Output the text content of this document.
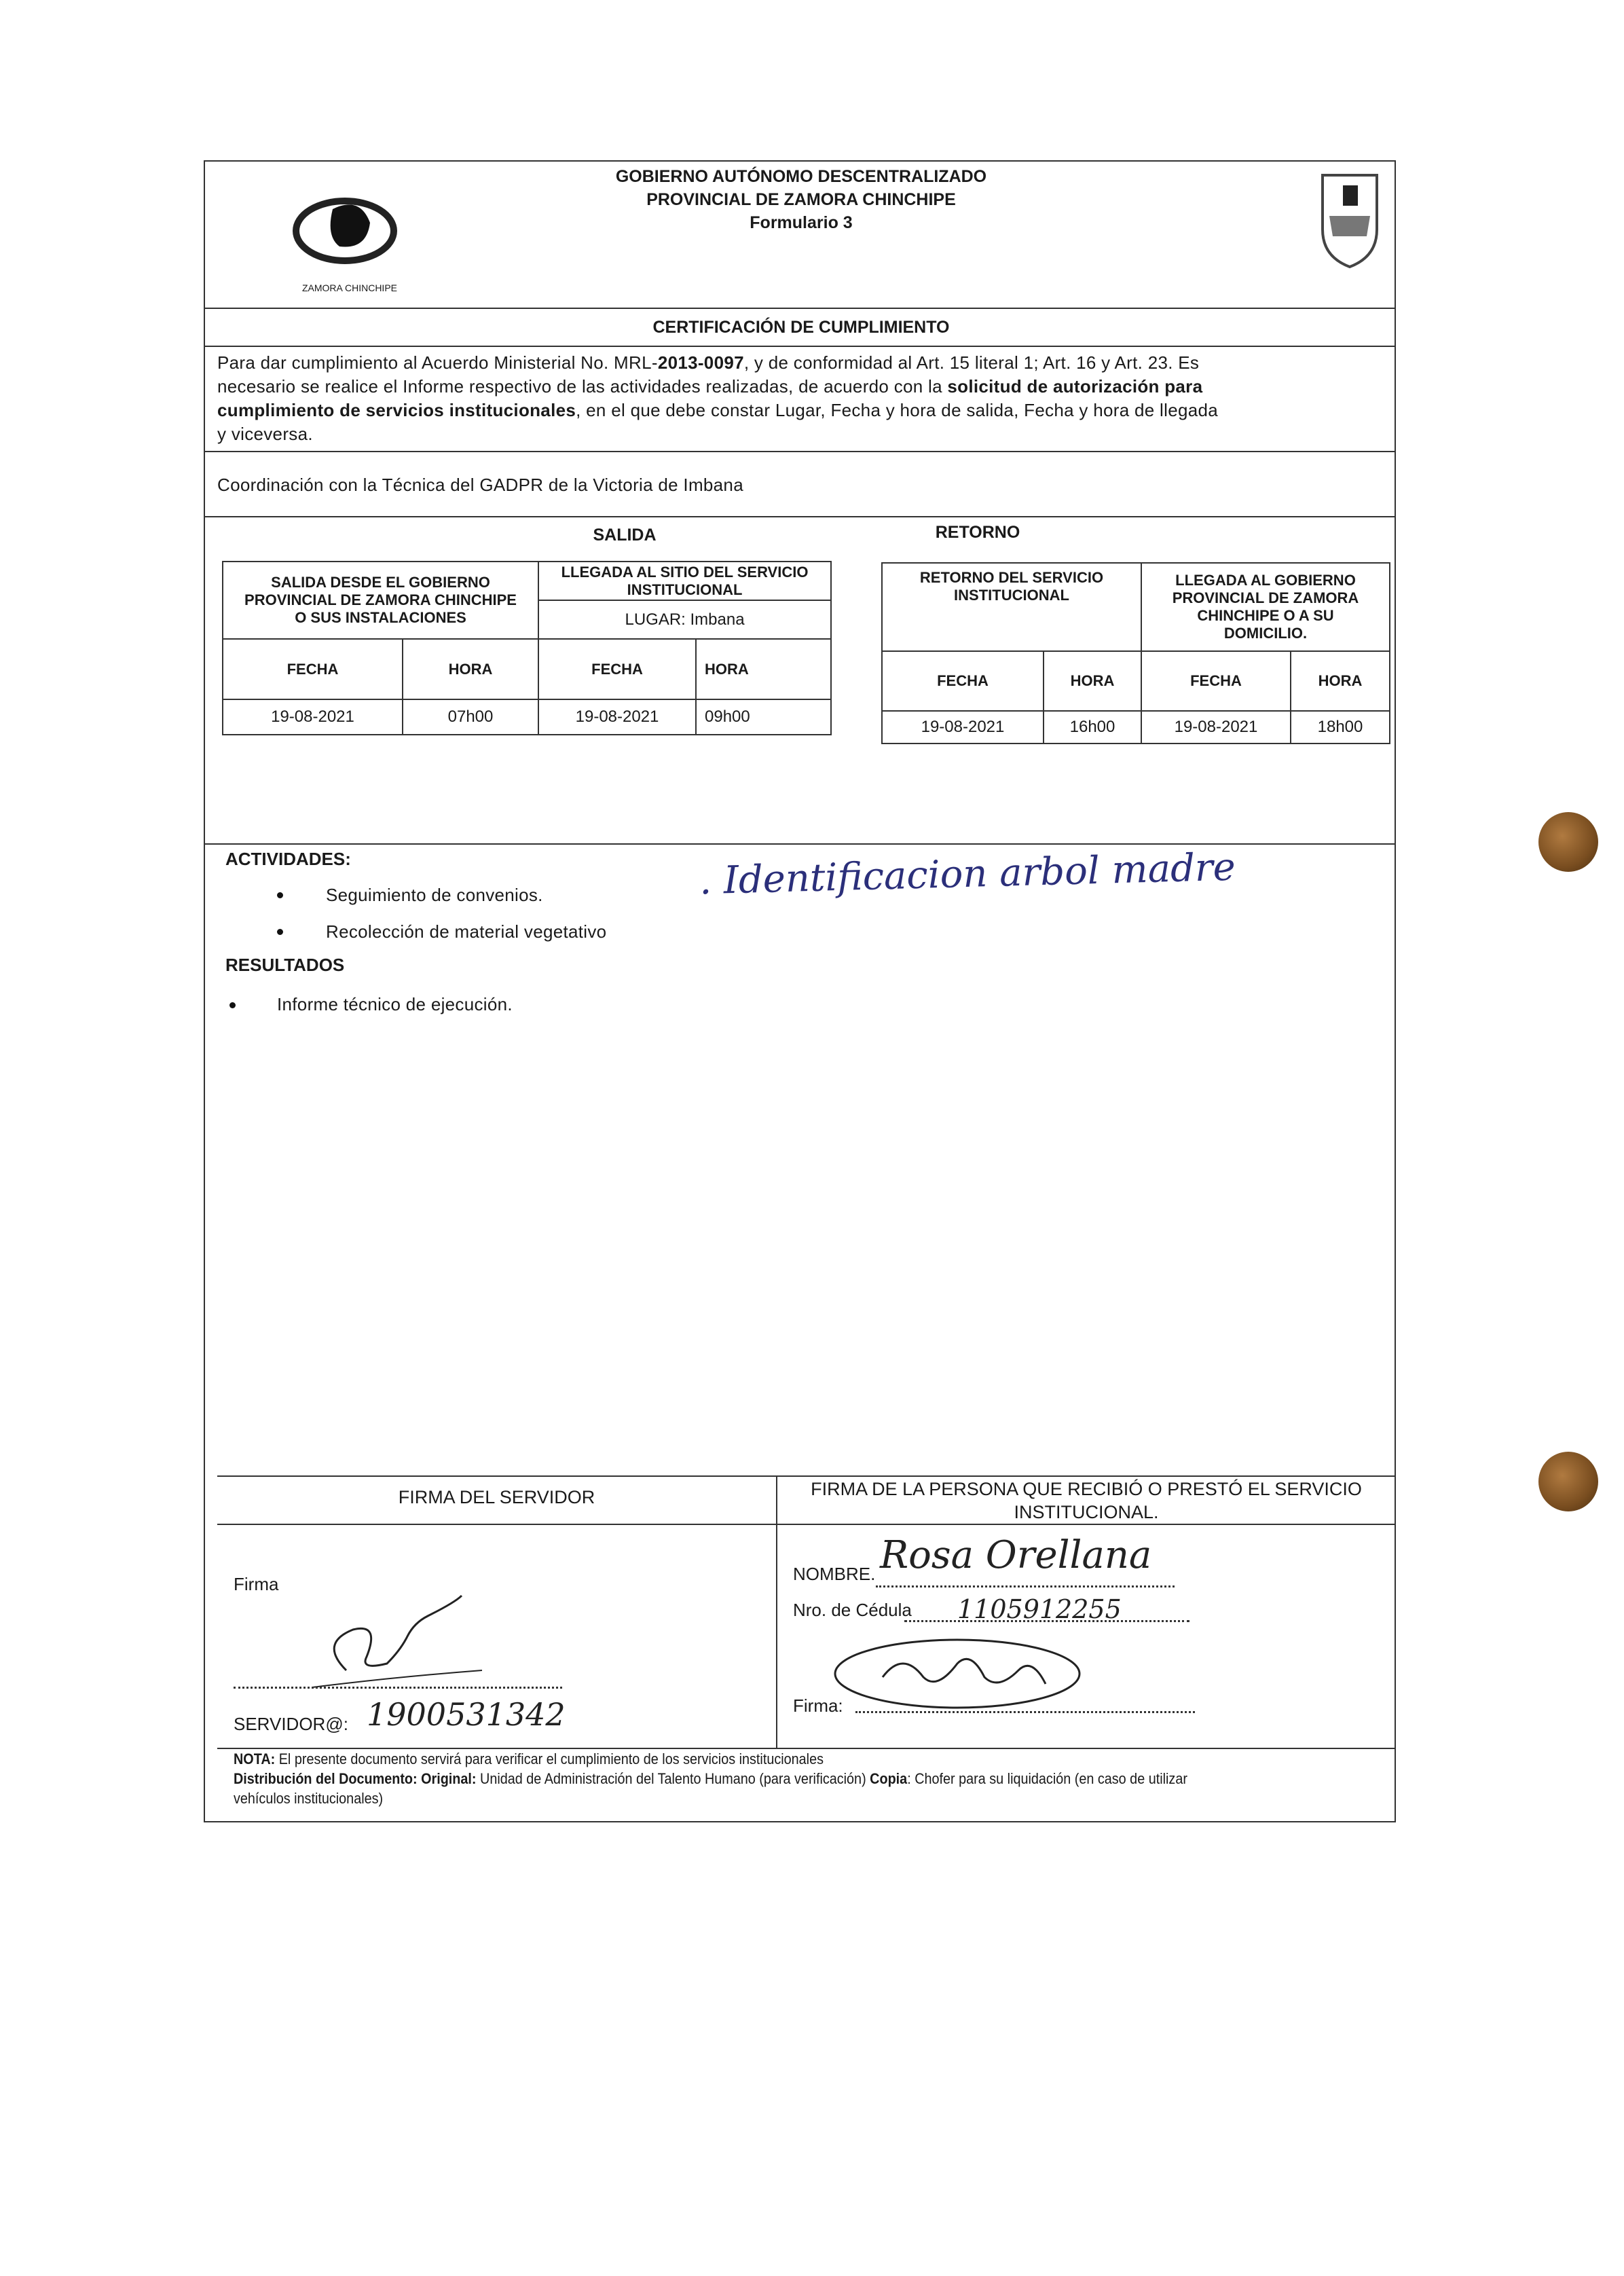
ZAMORA CHINCHIPE
GOBIERNO AUTÓNOMO DESCENTRALIZADO
PROVINCIAL DE ZAMORA CHINCHIPE
Formulario 3
CERTIFICACIÓN DE CUMPLIMIENTO
Para dar cumplimiento al Acuerdo Ministerial No. MRL-2013-0097, y de conformidad al Art. 15 literal 1; Art. 16 y Art. 23. Es
necesario se realice el Informe respectivo de las actividades realizadas, de acuerdo con la solicitud de autorización para
cumplimiento de servicios institucionales, en el que debe constar Lugar, Fecha y hora de salida, Fecha y hora de llegada
y viceversa.
Coordinación con la Técnica del GADPR de la Victoria de Imbana
SALIDA	RETORNO
SALIDA DESDE EL GOBIERNO PROVINCIAL DE ZAMORA CHINCHIPE O SUS INSTALACIONES		LLEGADA AL SITIO DEL SERVICIO INSTITUCIONAL	
		LUGAR: Imbana	
FECHA	HORA	FECHA	HORA
19-08-2021	07h00	19-08-2021	09h00
RETORNO DEL SERVICIO INSTITUCIONAL		LLEGADA AL GOBIERNO PROVINCIAL DE ZAMORA CHINCHIPE O A SU DOMICILIO.	
FECHA	HORA	FECHA	HORA
19-08-2021	16h00	19-08-2021	18h00
ACTIVIDADES:
Seguimiento de convenios.
Recolección de material vegetativo
. Identificacion arbol madre
RESULTADOS
Informe técnico de ejecución.
FIRMA DEL SERVIDOR	FIRMA DE LA PERSONA QUE RECIBIÓ O PRESTÓ EL SERVICIO
INSTITUCIONAL.
Firma
SERVIDOR@: 1900531342
NOMBRE. Rosa Orellana
Nro. de Cédula 1105912255
Firma:
NOTA: El presente documento servirá para verificar el cumplimiento de los servicios institucionales
Distribución del Documento: Original: Unidad de Administración del Talento Humano (para verificación) Copia: Chofer para su liquidación (en caso de utilizar
vehículos institucionales)
